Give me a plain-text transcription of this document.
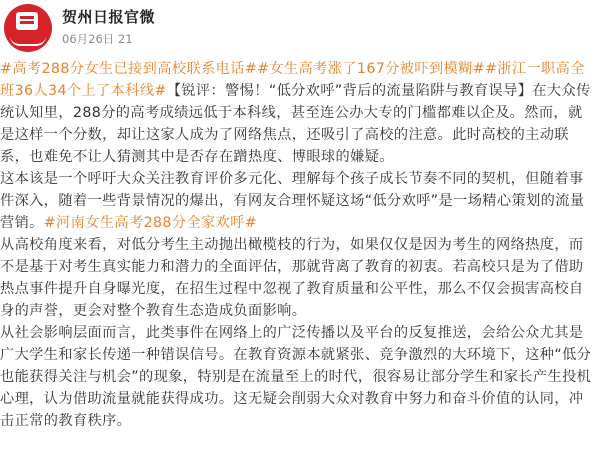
贺州日报官微
06月26日 21

#高考288分女生已接到高校联系电话##女生高考涨了167分被吓到模糊##浙江一职高全班36人34个上了本科线#【锐评：警惕！“低分欢呼”背后的流量陷阱与教育误导】在大众传统认知里，288分的高考成绩远低于本科线，甚至连公办大专的门槛都难以企及。然而，就是这样一个分数，却让这家人成为了网络焦点，还吸引了高校的注意。此时高校的主动联系，也难免不让人猜测其中是否存在蹭热度、博眼球的嫌疑。

这本该是一个呼吁大众关注教育评价多元化、理解每个孩子成长节奏不同的契机，但随着事件深入，随着一些背景情况的爆出，有网友合理怀疑这场“低分欢呼”是一场精心策划的流量营销。#河南女生高考288分全家欢呼#

从高校角度来看，对低分考生主动抛出橄榄枝的行为，如果仅仅是因为考生的网络热度，而不是基于对考生真实能力和潜力的全面评估，那就背离了教育的初衷。若高校只是为了借助热点事件提升自身曝光度，在招生过程中忽视了教育质量和公平性，那么不仅会损害高校自身的声誉，更会对整个教育生态造成负面影响。

从社会影响层面而言，此类事件在网络上的广泛传播以及平台的反复推送，会给公众尤其是广大学生和家长传递一种错误信号。在教育资源本就紧张、竞争激烈的大环境下，这种“低分也能获得关注与机会”的现象，特别是在流量至上的时代，很容易让部分学生和家长产生投机心理，认为借助流量就能获得成功。这无疑会削弱大众对教育中努力和奋斗价值的认同，冲击正常的教育秩序。
